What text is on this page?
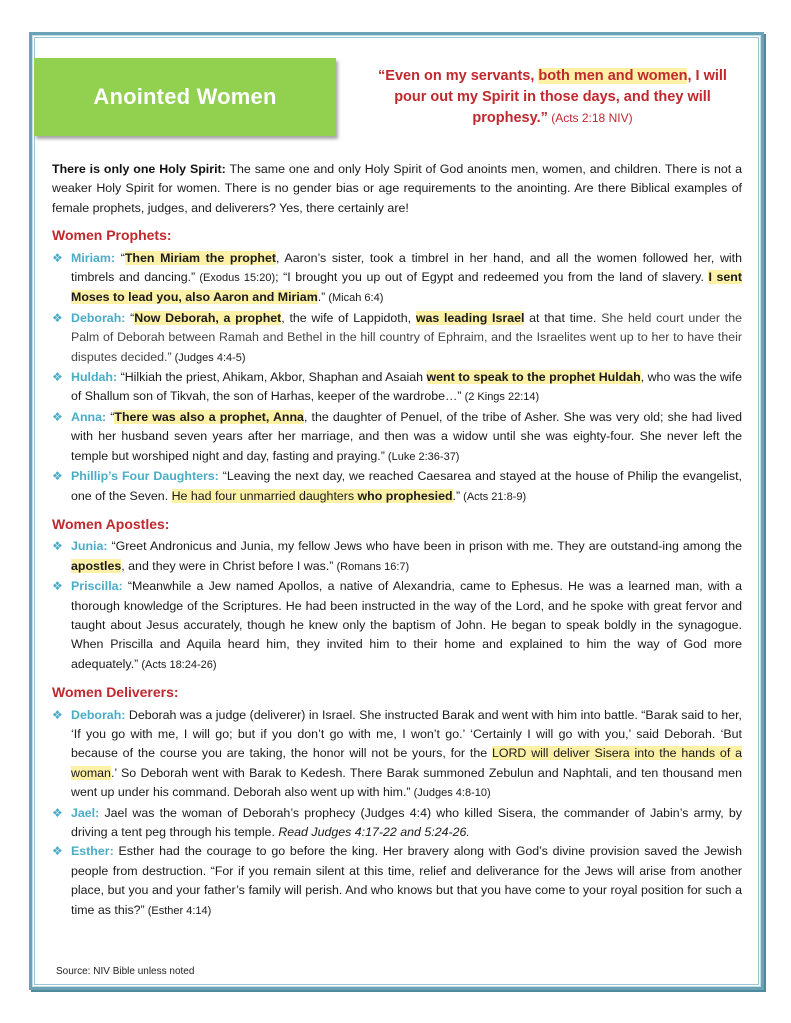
Anointed Women
“Even on my servants, both men and women, I will pour out my Spirit in those days, and they will prophesy.” (Acts 2:18 NIV)

There is only one Holy Spirit: The same one and only Holy Spirit of God anoints men, women, and children. There is not a weaker Holy Spirit for women. There is no gender bias or age requirements to the anointing. Are there Biblical examples of female prophets, judges, and deliverers? Yes, there certainly are!

Women Prophets:

❖ Miriam: “Then Miriam the prophet, Aaron’s sister, took a timbrel in her hand, and all the women followed her, with timbrels and dancing.” (Exodus 15:20); “I brought you up out of Egypt and redeemed you from the land of slavery. I sent Moses to lead you, also Aaron and Miriam.” (Micah 6:4)

❖ Deborah: “Now Deborah, a prophet, the wife of Lappidoth, was leading Israel at that time. She held court under the Palm of Deborah between Ramah and Bethel in the hill country of Ephraim, and the Israelites went up to her to have their disputes decided.” (Judges 4:4-5)

❖ Huldah: “Hilkiah the priest, Ahikam, Akbor, Shaphan and Asaiah went to speak to the prophet Huldah, who was the wife of Shallum son of Tikvah, the son of Harhas, keeper of the wardrobe…” (2 Kings 22:14)

❖ Anna: “There was also a prophet, Anna, the daughter of Penuel, of the tribe of Asher. She was very old; she had lived with her husband seven years after her marriage, and then was a widow until she was eighty-four. She never left the temple but worshiped night and day, fasting and praying.” (Luke 2:36-37)

❖ Phillip’s Four Daughters: “Leaving the next day, we reached Caesarea and stayed at the house of Philip the evangelist, one of the Seven. He had four unmarried daughters who prophesied.” (Acts 21:8-9)

Women Apostles:

❖ Junia: “Greet Andronicus and Junia, my fellow Jews who have been in prison with me. They are outstand-ing among the apostles, and they were in Christ before I was.” (Romans 16:7)

❖ Priscilla: “Meanwhile a Jew named Apollos, a native of Alexandria, came to Ephesus. He was a learned man, with a thorough knowledge of the Scriptures. He had been instructed in the way of the Lord, and he spoke with great fervor and taught about Jesus accurately, though he knew only the baptism of John. He began to speak boldly in the synagogue. When Priscilla and Aquila heard him, they invited him to their home and explained to him the way of God more adequately.” (Acts 18:24-26)

Women Deliverers:

❖ Deborah: Deborah was a judge (deliverer) in Israel. She instructed Barak and went with him into battle. “Barak said to her, ‘If you go with me, I will go; but if you don’t go with me, I won’t go.’ ‘Certainly I will go with you,’ said Deborah. ‘But because of the course you are taking, the honor will not be yours, for the LORD will deliver Sisera into the hands of a woman.’ So Deborah went with Barak to Kedesh. There Barak summoned Zebulun and Naphtali, and ten thousand men went up under his command. Deborah also went up with him.” (Judges 4:8-10)

❖ Jael: Jael was the woman of Deborah’s prophecy (Judges 4:4) who killed Sisera, the commander of Jabin’s army, by driving a tent peg through his temple. Read Judges 4:17-22 and 5:24-26.

❖ Esther: Esther had the courage to go before the king. Her bravery along with God’s divine provision saved the Jewish people from destruction. “For if you remain silent at this time, relief and deliverance for the Jews will arise from another place, but you and your father’s family will perish. And who knows but that you have come to your royal position for such a time as this?” (Esther 4:14)

Source: NIV Bible unless noted
